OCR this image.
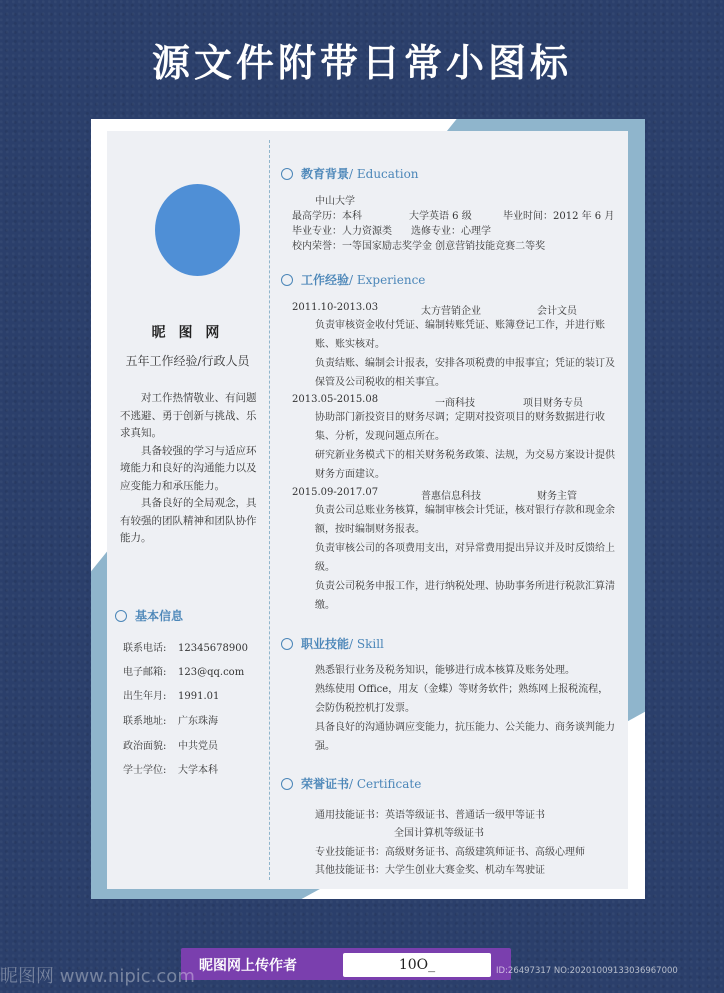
源文件附带日常小图标
昵 图 网
五年工作经验/行政人员

对工作热情敬业、有问题不逃避、勇于创新与挑战、乐求真知。

具备较强的学习与适应环境能力和良好的沟通能力以及应变能力和承压能力。

具备良好的全局观念，具有较强的团队精神和团队协作能力。

基本信息
联系电话: 12345678900
电子邮箱: 123@qq.com
出生年月: 1991.01
联系地址: 广东珠海
政治面貌: 中共党员
学士学位: 大学本科
教育背景 / Education
中山大学
最高学历：本科	大学英语 6 级	毕业时间：2012 年 6 月
毕业专业：人力资源类 选修专业：心理学
校内荣誉：一等国家励志奖学金 创意营销技能竞赛二等奖
工作经验 / Experience
2011.10-2013.03	太方营销企业	会计文员
负责审核资金收付凭证、编制转账凭证、账簿登记工作，并进行账账、账实核对。
负责结账、编制会计报表，安排各项税费的申报事宜；凭证的装订及保管及公司税收的相关事宜。
2013.05-2015.08	一商科技	项目财务专员
协助部门新投资目的财务尽调；定期对投资项目的财务数据进行收集、分析，发现问题点所在。
研究新业务模式下的相关财务税务政策、法规，为交易方案设计提供财务方面建议。
2015.09-2017.07	普惠信息科技	财务主管
负责公司总账业务核算，编制审核会计凭证，核对银行存款和现金余额，按时编制财务报表。
负责审核公司的各项费用支出，对异常费用提出异议并及时反馈给上级。
负责公司税务申报工作，进行纳税处理、协助事务所进行税款汇算清缴。
职业技能 / Skill
熟悉银行业务及税务知识，能够进行成本核算及账务处理。
熟练使用 Office，用友（金蝶）等财务软件；熟练网上报税流程，会防伪税控机打发票。
具备良好的沟通协调应变能力，抗压能力、公关能力、商务谈判能力强。
荣誉证书 / Certificate
通用技能证书：英语等级证书、普通话一级甲等证书
全国计算机等级证书
专业技能证书：高级财务证书、高级建筑师证书、高级心理师
其他技能证书：大学生创业大赛金奖、机动车驾驶证
昵图网上传作者	10O_
昵图网 www.nipic.com	ID:26497317 NO:20201009133036967000
